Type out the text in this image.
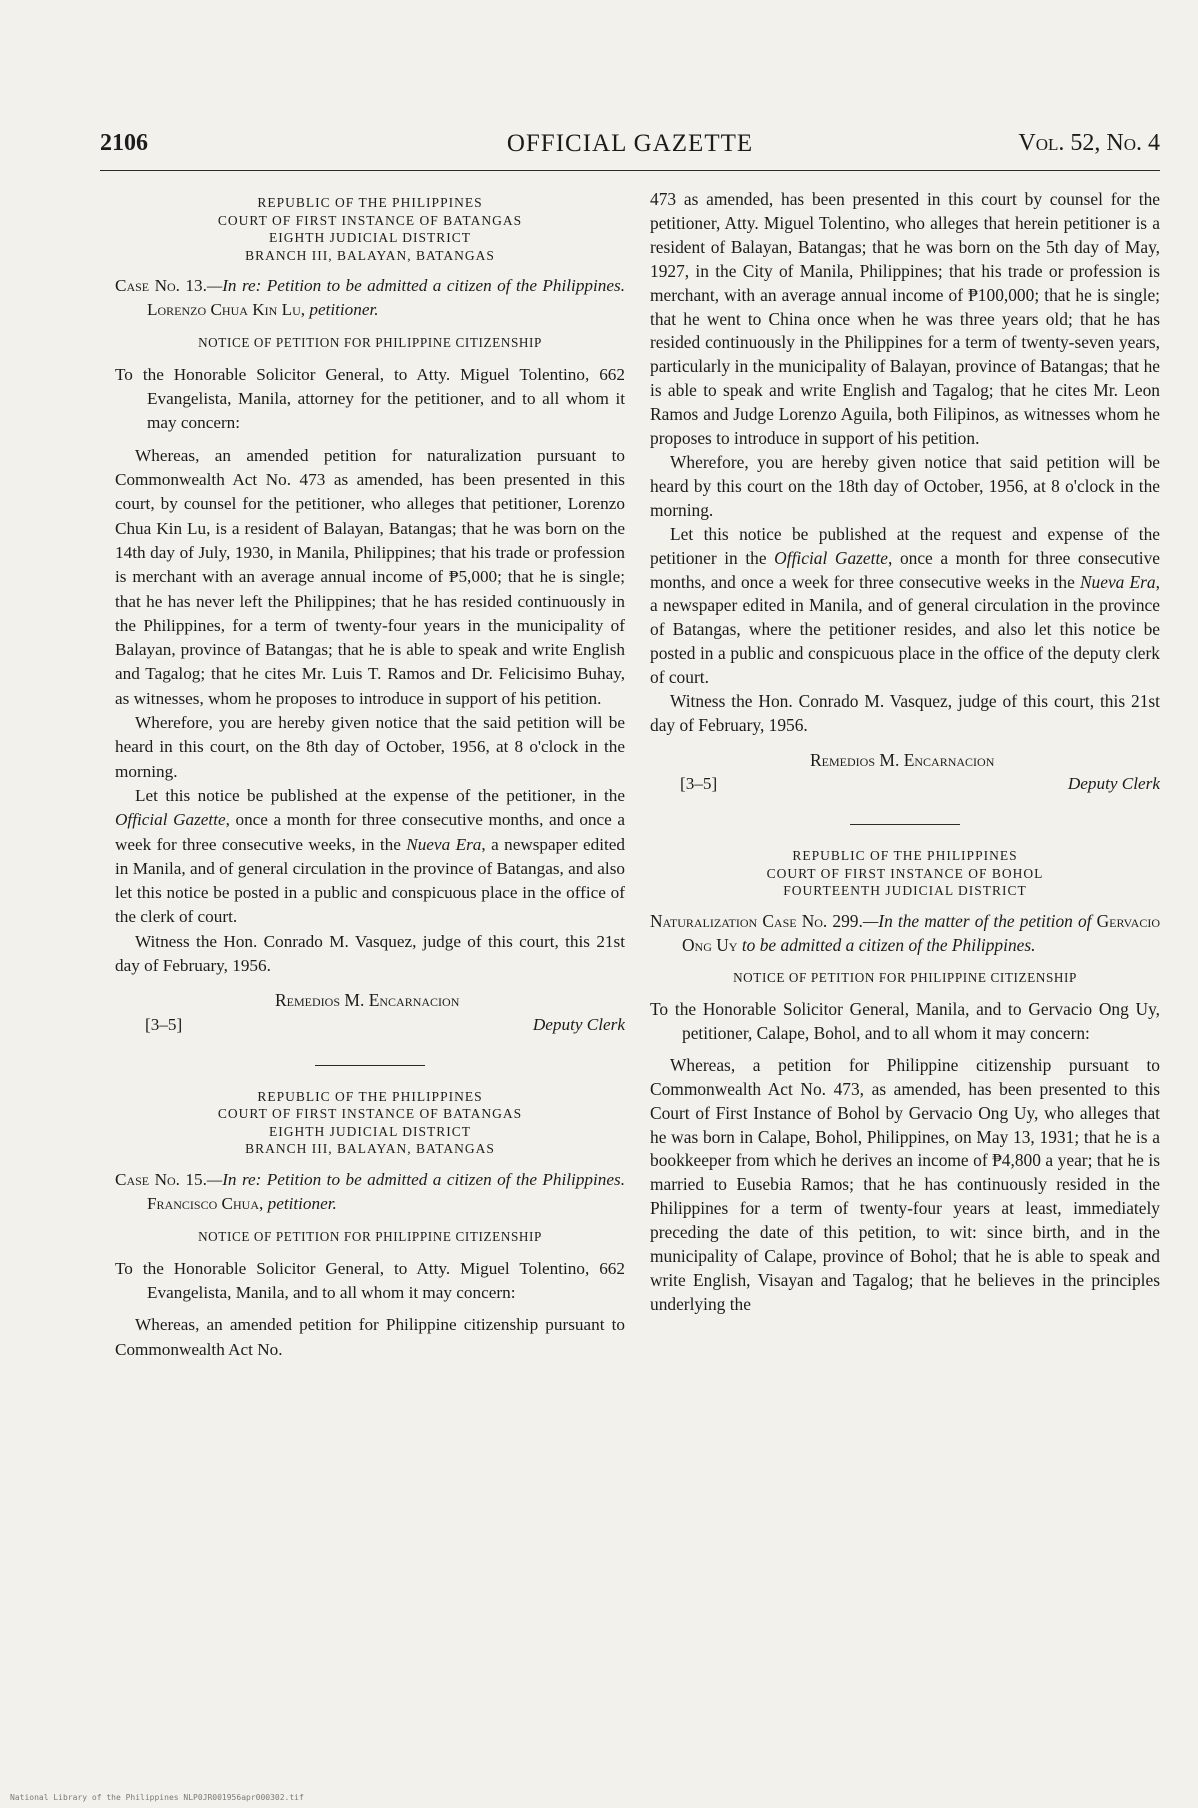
2106	OFFICIAL GAZETTE	Vol. 52, No. 4
REPUBLIC OF THE PHILIPPINES
COURT OF FIRST INSTANCE OF BATANGAS
EIGHTH JUDICIAL DISTRICT
BRANCH III, BALAYAN, BATANGAS

Case No. 13.—In re: Petition to be admitted a citizen of the Philippines. Lorenzo Chua Kin Lu, petitioner.

NOTICE OF PETITION FOR PHILIPPINE CITIZENSHIP

To the Honorable Solicitor General, to Atty. Miguel Tolentino, 662 Evangelista, Manila, attorney for the petitioner, and to all whom it may concern:

Whereas, an amended petition for naturalization pursuant to Commonwealth Act No. 473 as amended, has been presented in this court, by counsel for the petitioner, who alleges that petitioner, Lorenzo Chua Kin Lu, is a resident of Balayan, Batangas; that he was born on the 14th day of July, 1930, in Manila, Philippines; that his trade or profession is merchant with an average annual income of ₱5,000; that he is single; that he has never left the Philippines; that he has resided continuously in the Philippines, for a term of twenty-four years in the municipality of Balayan, province of Batangas; that he is able to speak and write English and Tagalog; that he cites Mr. Luis T. Ramos and Dr. Felicisimo Buhay, as witnesses, whom he proposes to introduce in support of his petition.

Wherefore, you are hereby given notice that the said petition will be heard in this court, on the 8th day of October, 1956, at 8 o'clock in the morning.

Let this notice be published at the expense of the petitioner, in the Official Gazette, once a month for three consecutive months, and once a week for three consecutive weeks, in the Nueva Era, a newspaper edited in Manila, and of general circulation in the province of Batangas, and also let this notice be posted in a public and conspicuous place in the office of the clerk of court.

Witness the Hon. Conrado M. Vasquez, judge of this court, this 21st day of February, 1956.

Remedios M. Encarnacion
[3–5]	Deputy Clerk
REPUBLIC OF THE PHILIPPINES
COURT OF FIRST INSTANCE OF BATANGAS
EIGHTH JUDICIAL DISTRICT
BRANCH III, BALAYAN, BATANGAS

Case No. 15.—In re: Petition to be admitted a citizen of the Philippines. Francisco Chua, petitioner.

NOTICE OF PETITION FOR PHILIPPINE CITIZENSHIP

To the Honorable Solicitor General, to Atty. Miguel Tolentino, 662 Evangelista, Manila, and to all whom it may concern:

Whereas, an amended petition for Philippine citizenship pursuant to Commonwealth Act No.

473 as amended, has been presented in this court by counsel for the petitioner, Atty. Miguel Tolentino, who alleges that herein petitioner is a resident of Balayan, Batangas; that he was born on the 5th day of May, 1927, in the City of Manila, Philippines; that his trade or profession is merchant, with an average annual income of ₱100,000; that he is single; that he went to China once when he was three years old; that he has resided continuously in the Philippines for a term of twenty-seven years, particularly in the municipality of Balayan, province of Batangas; that he is able to speak and write English and Tagalog; that he cites Mr. Leon Ramos and Judge Lorenzo Aguila, both Filipinos, as witnesses whom he proposes to introduce in support of his petition.

Wherefore, you are hereby given notice that said petition will be heard by this court on the 18th day of October, 1956, at 8 o'clock in the morning.

Let this notice be published at the request and expense of the petitioner in the Official Gazette, once a month for three consecutive months, and once a week for three consecutive weeks in the Nueva Era, a newspaper edited in Manila, and of general circulation in the province of Batangas, where the petitioner resides, and also let this notice be posted in a public and conspicuous place in the office of the deputy clerk of court.

Witness the Hon. Conrado M. Vasquez, judge of this court, this 21st day of February, 1956.

Remedios M. Encarnacion
[3–5]	Deputy Clerk
REPUBLIC OF THE PHILIPPINES
COURT OF FIRST INSTANCE OF BOHOL
FOURTEENTH JUDICIAL DISTRICT

Naturalization Case No. 299.—In the matter of the petition of Gervacio Ong Uy to be admitted a citizen of the Philippines.

NOTICE OF PETITION FOR PHILIPPINE CITIZENSHIP

To the Honorable Solicitor General, Manila, and to Gervacio Ong Uy, petitioner, Calape, Bohol, and to all whom it may concern:

Whereas, a petition for Philippine citizenship pursuant to Commonwealth Act No. 473, as amended, has been presented to this Court of First Instance of Bohol by Gervacio Ong Uy, who alleges that he was born in Calape, Bohol, Philippines, on May 13, 1931; that he is a bookkeeper from which he derives an income of ₱4,800 a year; that he is married to Eusebia Ramos; that he has continuously resided in the Philippines for a term of twenty-four years at least, immediately preceding the date of this petition, to wit: since birth, and in the municipality of Calape, province of Bohol; that he is able to speak and write English, Visayan and Tagalog; that he believes in the principles underlying the

National Library of the Philippines NLP0JR001956apr000302.tif
